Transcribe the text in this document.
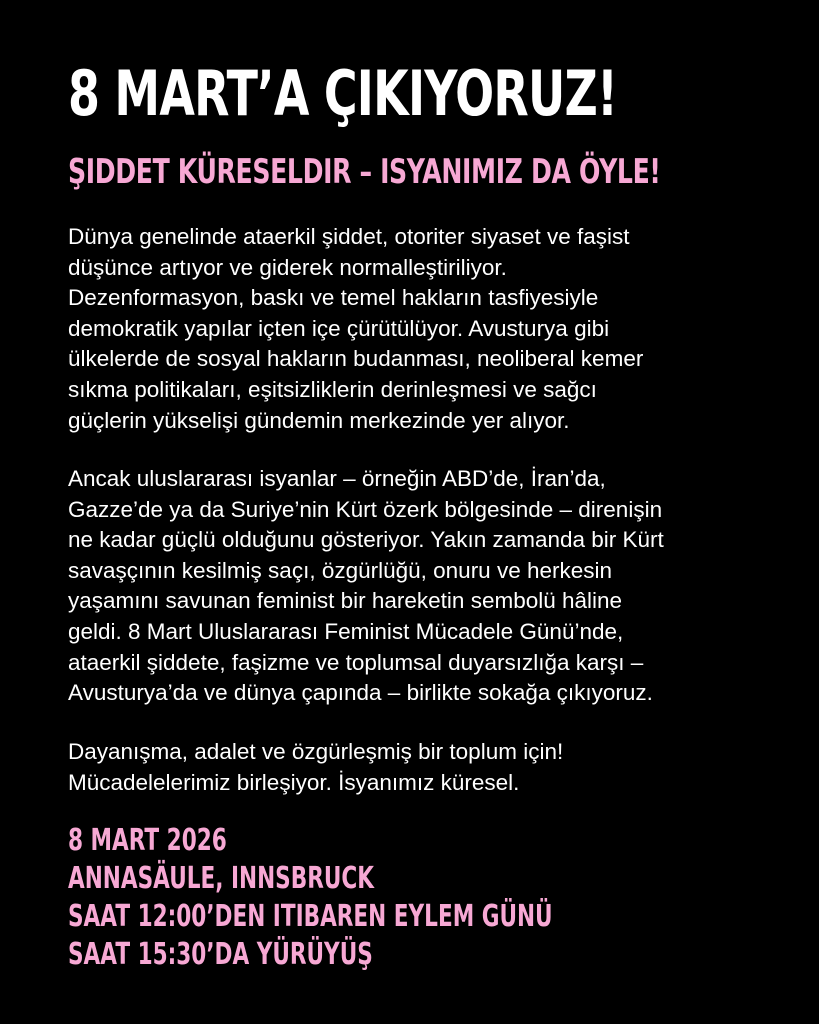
8 MART’A ÇIKIYORUZ!
ŞIDDET KÜRESELDIR – ISYANIMIZ DA ÖYLE!
Dünya genelinde ataerkil şiddet, otoriter siyaset ve faşist
düşünce artıyor ve giderek normalleştiriliyor.
Dezenformasyon, baskı ve temel hakların tasfiyesiyle
demokratik yapılar içten içe çürütülüyor. Avusturya gibi
ülkelerde de sosyal hakların budanması, neoliberal kemer
sıkma politikaları, eşitsizliklerin derinleşmesi ve sağcı
güçlerin yükselişi gündemin merkezinde yer alıyor.
Ancak uluslararası isyanlar – örneğin ABD’de, İran’da,
Gazze’de ya da Suriye’nin Kürt özerk bölgesinde – direnişin
ne kadar güçlü olduğunu gösteriyor. Yakın zamanda bir Kürt
savaşçının kesilmiş saçı, özgürlüğü, onuru ve herkesin
yaşamını savunan feminist bir hareketin sembolü hâline
geldi. 8 Mart Uluslararası Feminist Mücadele Günü’nde,
ataerkil şiddete, faşizme ve toplumsal duyarsızlığa karşı –
Avusturya’da ve dünya çapında – birlikte sokağa çıkıyoruz.
Dayanışma, adalet ve özgürleşmiş bir toplum için!
Mücadelelerimiz birleşiyor. İsyanımız küresel.
8 MART 2026
ANNASÄULE, INNSBRUCK
SAAT 12:00’DEN ITIBAREN EYLEM GÜNÜ
SAAT 15:30’DA YÜRÜYÜŞ
